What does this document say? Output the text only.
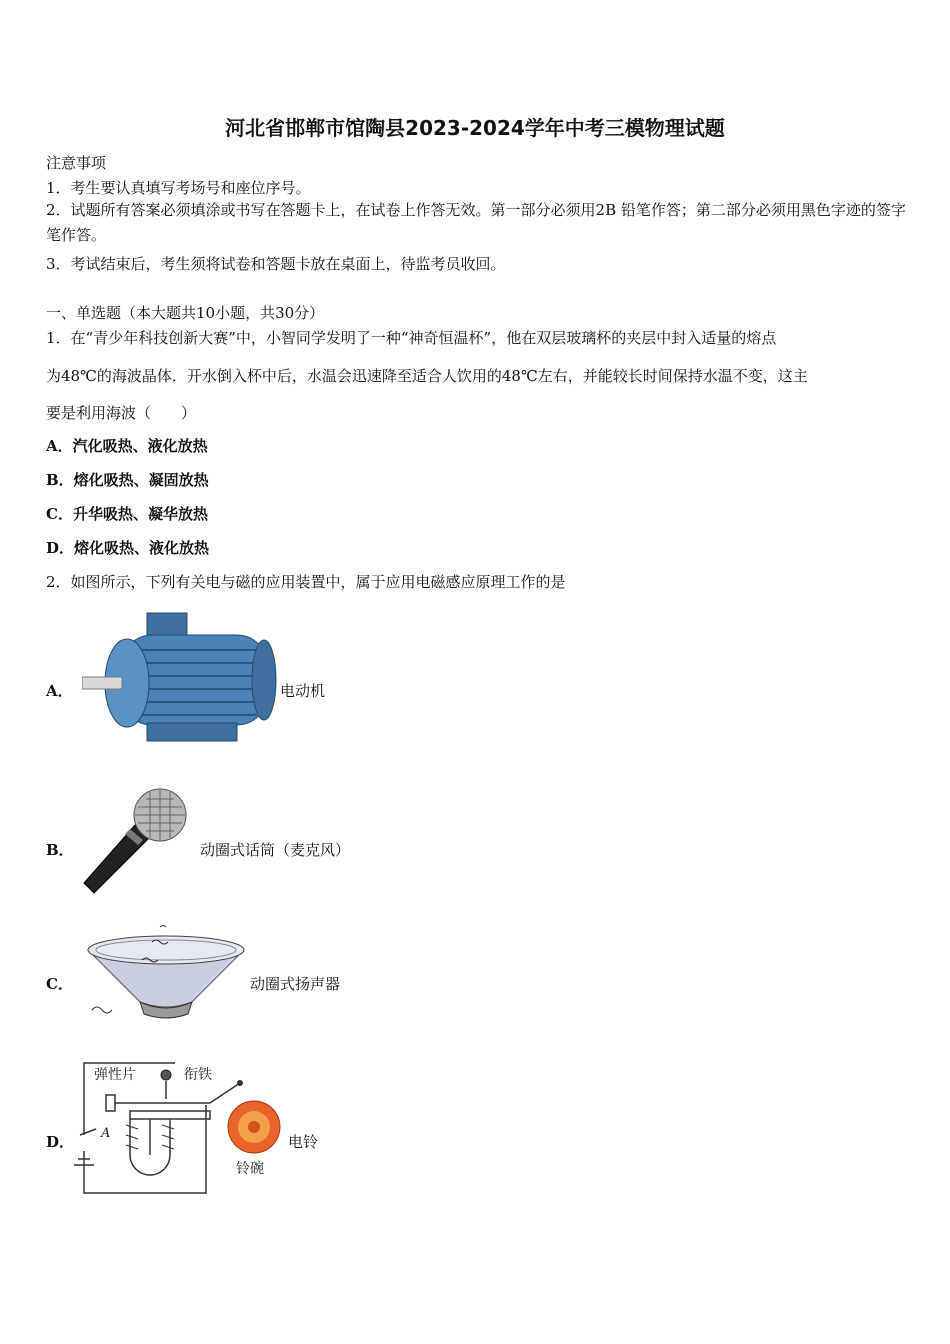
河北省邯郸市馆陶县2023-2024学年中考三模物理试题
注意事项
1．考生要认真填写考场号和座位序号。
2．试题所有答案必须填涂或书写在答题卡上，在试卷上作答无效。第一部分必须用2B 铅笔作答；第二部分必须用黑色字迹的签字笔作答。
3．考试结束后，考生须将试卷和答题卡放在桌面上，待监考员收回。
一、单选题（本大题共10小题，共30分）
1．在“青少年科技创新大赛”中，小智同学发明了一种“神奇恒温杯”，他在双层玻璃杯的夹层中封入适量的熔点
为48℃的海波晶体．开水倒入杯中后，水温会迅速降至适合人饮用的48℃左右，并能较长时间保持水温不变，这主
要是利用海波（　　）
A．汽化吸热、液化放热
B．熔化吸热、凝固放热
C．升华吸热、凝华放热
D．熔化吸热、液化放热
2．如图所示，下列有关电与磁的应用装置中，属于应用电磁感应原理工作的是
A．	电动机
B．	动圈式话筒（麦克风）
C．	动圈式扬声器
D．
弹性片	衔铁
A
铃碗
电铃
